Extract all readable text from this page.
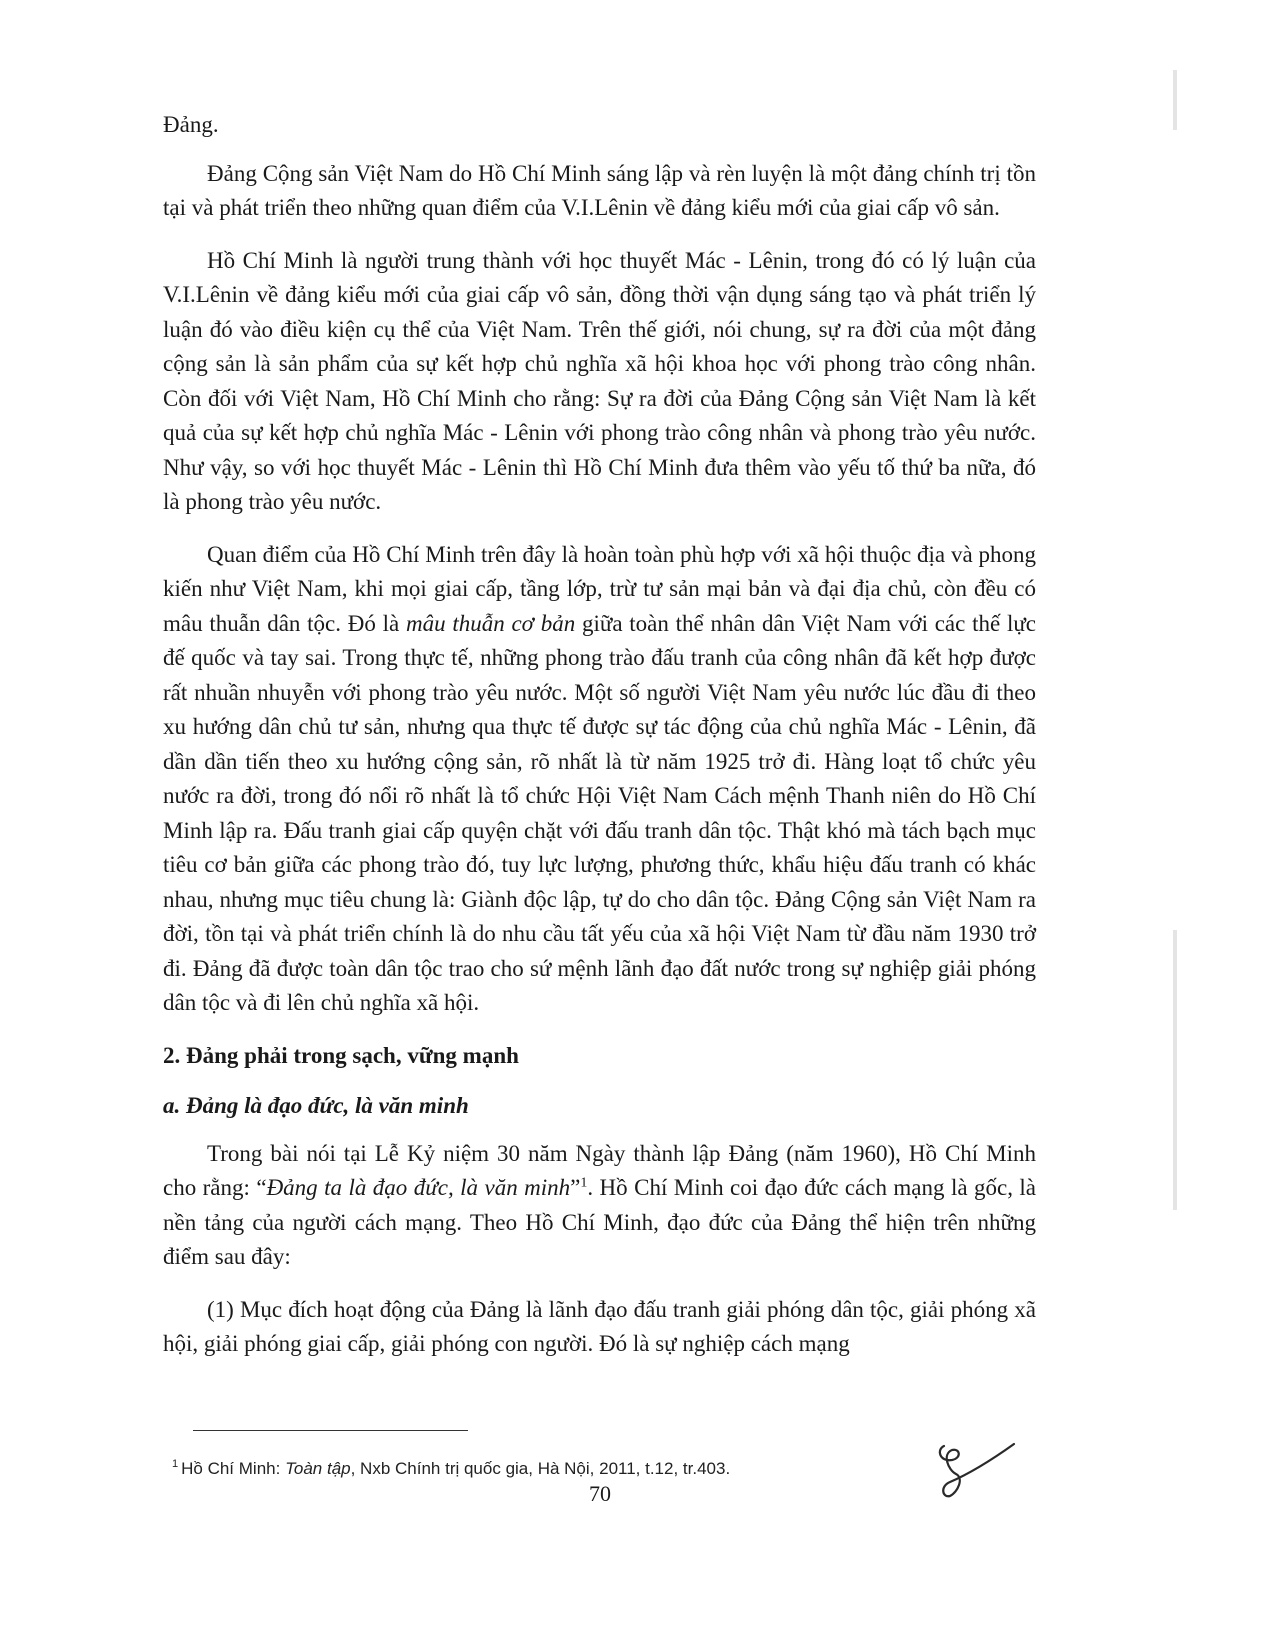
Đảng.

Đảng Cộng sản Việt Nam do Hồ Chí Minh sáng lập và rèn luyện là một đảng chính trị tồn tại và phát triển theo những quan điểm của V.I.Lênin về đảng kiểu mới của giai cấp vô sản.

Hồ Chí Minh là người trung thành với học thuyết Mác - Lênin, trong đó có lý luận của V.I.Lênin về đảng kiểu mới của giai cấp vô sản, đồng thời vận dụng sáng tạo và phát triển lý luận đó vào điều kiện cụ thể của Việt Nam. Trên thế giới, nói chung, sự ra đời của một đảng cộng sản là sản phẩm của sự kết hợp chủ nghĩa xã hội khoa học với phong trào công nhân. Còn đối với Việt Nam, Hồ Chí Minh cho rằng: Sự ra đời của Đảng Cộng sản Việt Nam là kết quả của sự kết hợp chủ nghĩa Mác - Lênin với phong trào công nhân và phong trào yêu nước. Như vậy, so với học thuyết Mác - Lênin thì Hồ Chí Minh đưa thêm vào yếu tố thứ ba nữa, đó là phong trào yêu nước.

Quan điểm của Hồ Chí Minh trên đây là hoàn toàn phù hợp với xã hội thuộc địa và phong kiến như Việt Nam, khi mọi giai cấp, tầng lớp, trừ tư sản mại bản và đại địa chủ, còn đều có mâu thuẫn dân tộc. Đó là mâu thuẫn cơ bản giữa toàn thể nhân dân Việt Nam với các thế lực đế quốc và tay sai. Trong thực tế, những phong trào đấu tranh của công nhân đã kết hợp được rất nhuần nhuyễn với phong trào yêu nước. Một số người Việt Nam yêu nước lúc đầu đi theo xu hướng dân chủ tư sản, nhưng qua thực tế được sự tác động của chủ nghĩa Mác - Lênin, đã dần dần tiến theo xu hướng cộng sản, rõ nhất là từ năm 1925 trở đi. Hàng loạt tổ chức yêu nước ra đời, trong đó nổi rõ nhất là tổ chức Hội Việt Nam Cách mệnh Thanh niên do Hồ Chí Minh lập ra. Đấu tranh giai cấp quyện chặt với đấu tranh dân tộc. Thật khó mà tách bạch mục tiêu cơ bản giữa các phong trào đó, tuy lực lượng, phương thức, khẩu hiệu đấu tranh có khác nhau, nhưng mục tiêu chung là: Giành độc lập, tự do cho dân tộc. Đảng Cộng sản Việt Nam ra đời, tồn tại và phát triển chính là do nhu cầu tất yếu của xã hội Việt Nam từ đầu năm 1930 trở đi. Đảng đã được toàn dân tộc trao cho sứ mệnh lãnh đạo đất nước trong sự nghiệp giải phóng dân tộc và đi lên chủ nghĩa xã hội.

2. Đảng phải trong sạch, vững mạnh
a. Đảng là đạo đức, là văn minh

Trong bài nói tại Lễ Kỷ niệm 30 năm Ngày thành lập Đảng (năm 1960), Hồ Chí Minh cho rằng: “Đảng ta là đạo đức, là văn minh”$^1$. Hồ Chí Minh coi đạo đức cách mạng là gốc, là nền tảng của người cách mạng. Theo Hồ Chí Minh, đạo đức của Đảng thể hiện trên những điểm sau đây:

(1) Mục đích hoạt động của Đảng là lãnh đạo đấu tranh giải phóng dân tộc, giải phóng xã hội, giải phóng giai cấp, giải phóng con người. Đó là sự nghiệp cách mạng

$^1$ Hồ Chí Minh: Toàn tập, Nxb Chính trị quốc gia, Hà Nội, 2011, t.12, tr.403.
70
